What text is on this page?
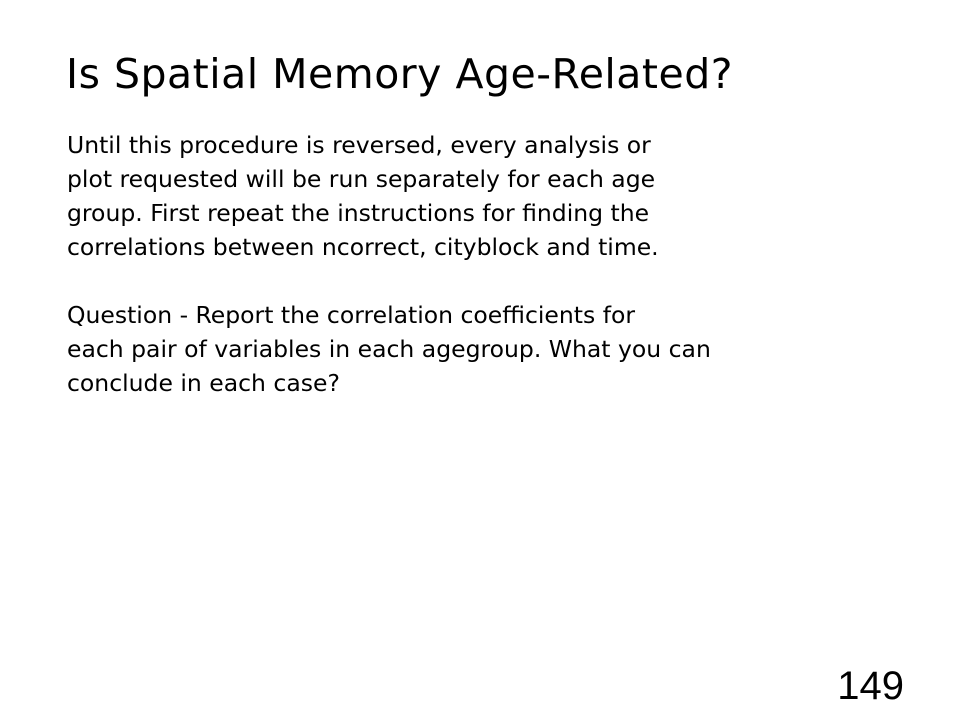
Is Spatial Memory Age-Related?

Until this procedure is reversed, every analysis or
plot requested will be run separately for each age
group. First repeat the instructions for finding the
correlations between ncorrect, cityblock and time.

Question - Report the correlation coefficients for
each pair of variables in each agegroup. What you can
conclude in each case?

149
